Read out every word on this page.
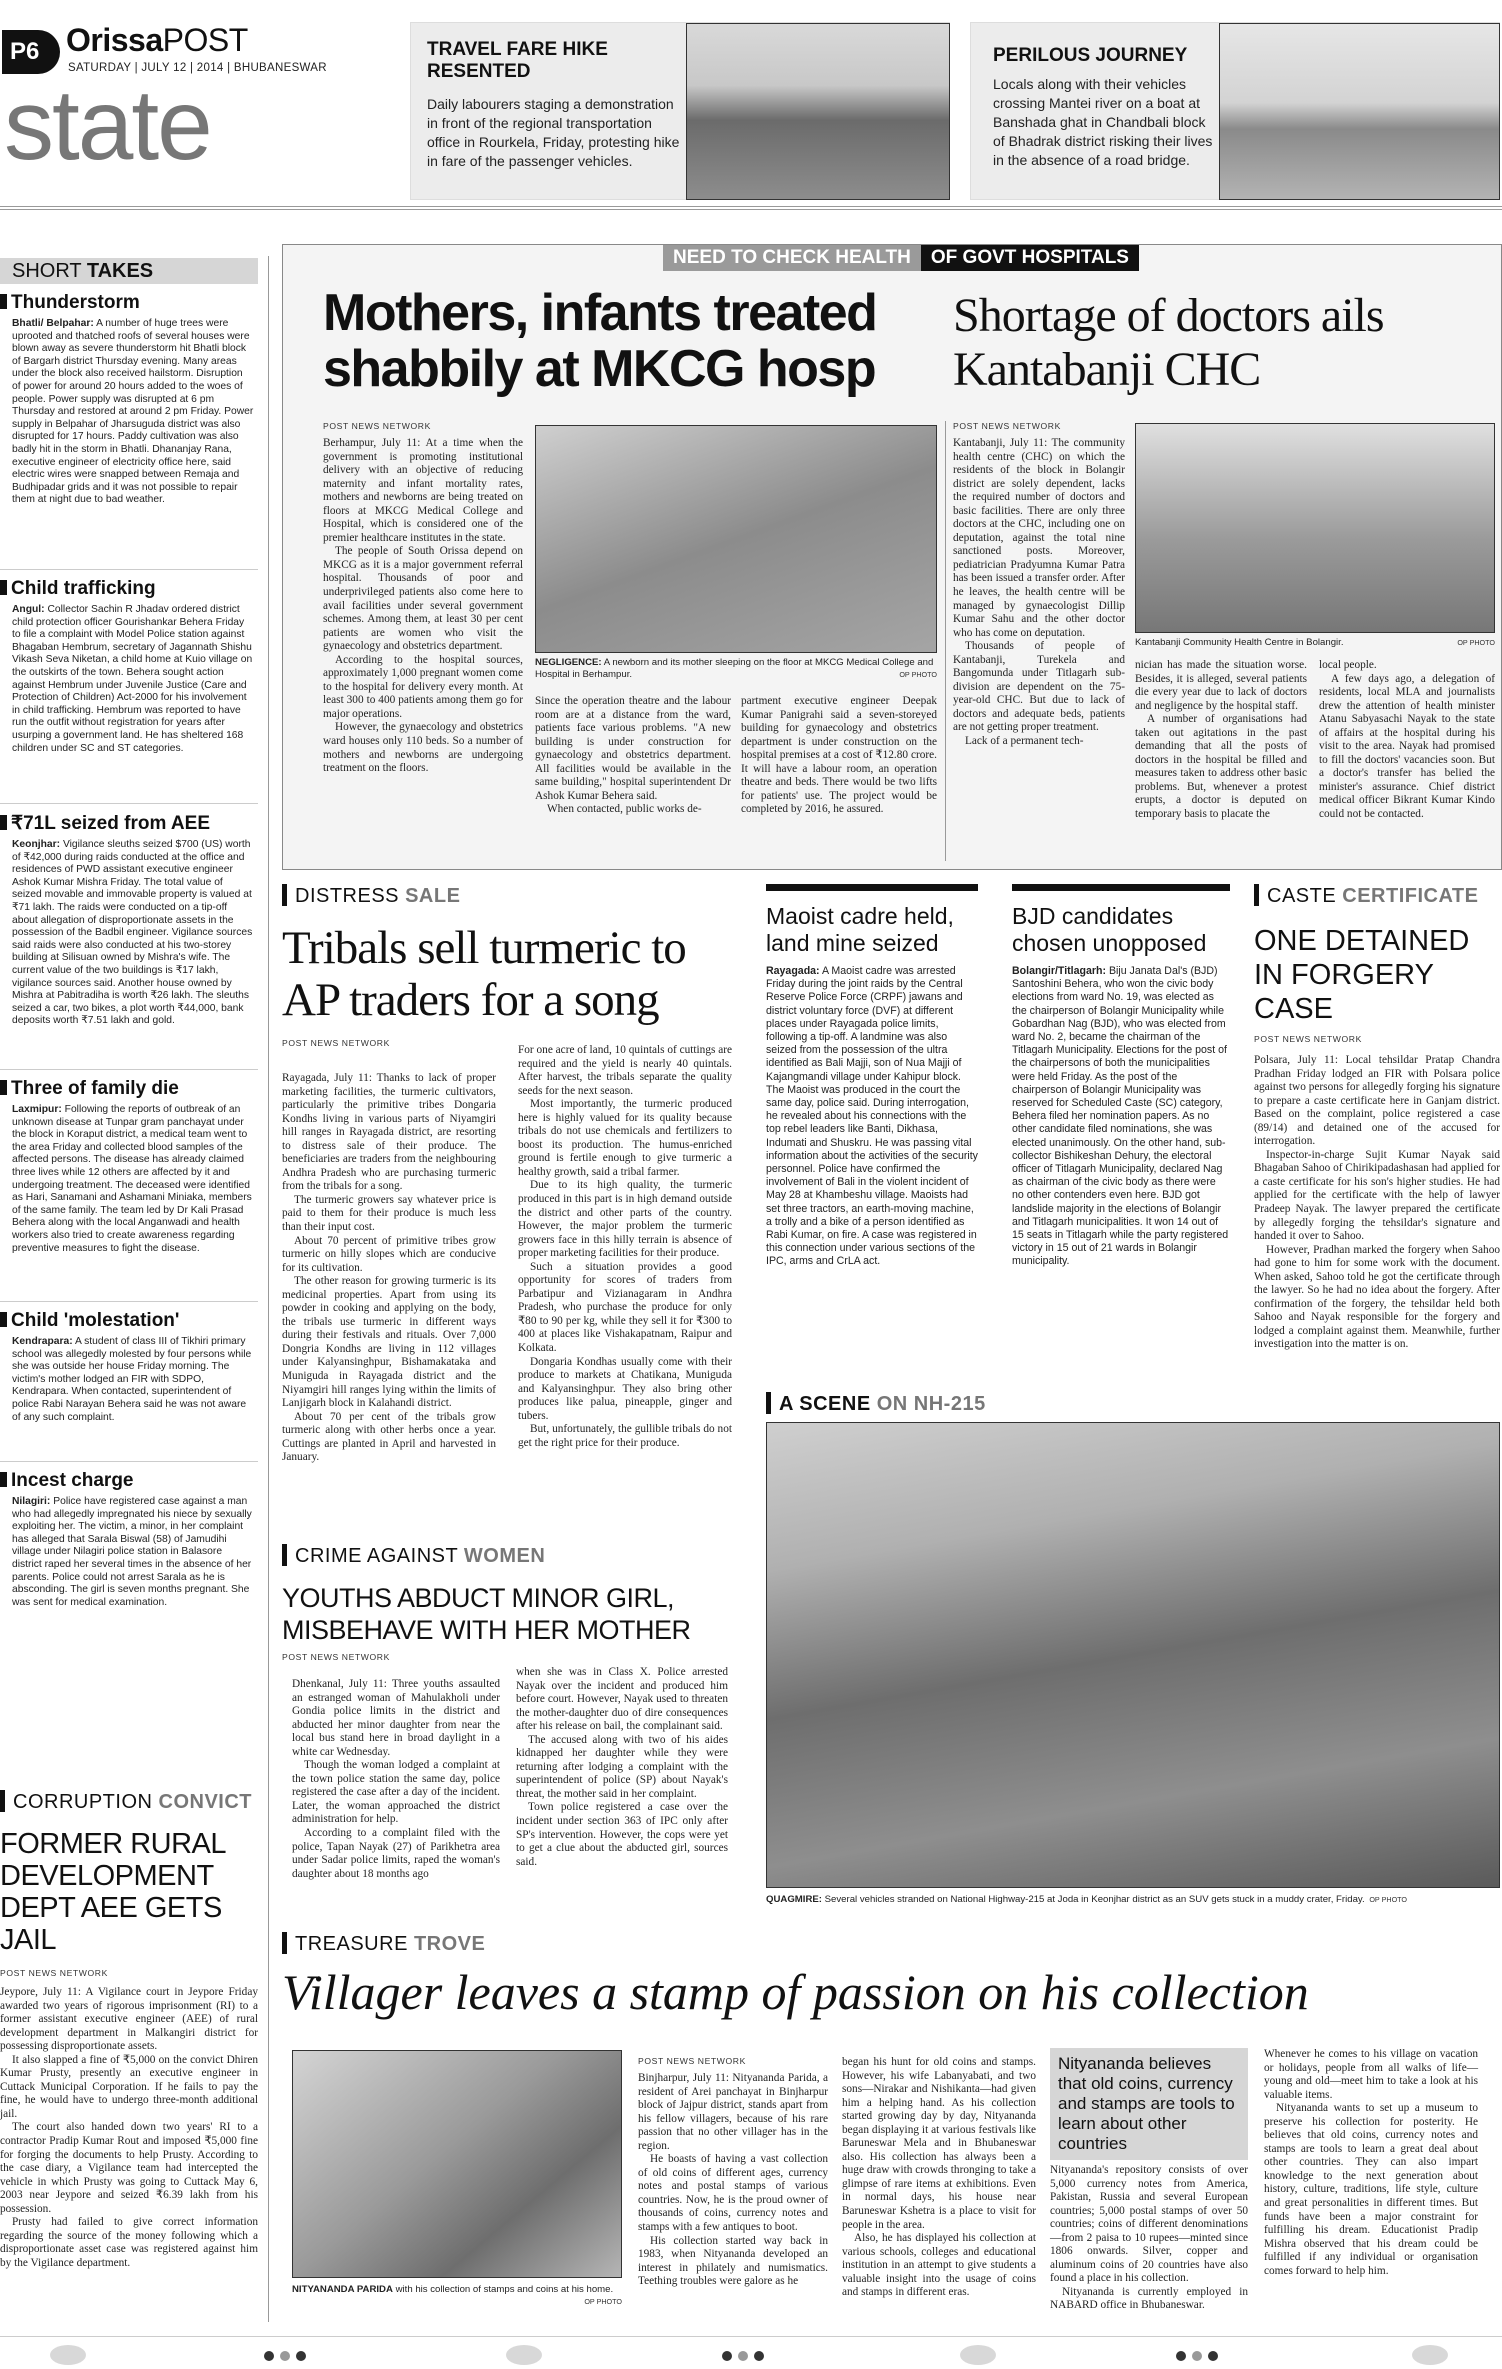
P6 OrissaPOST
SATURDAY | JULY 12 | 2014 | BHUBANESWAR
state
TRAVEL FARE HIKE RESENTED
Daily labourers staging a demonstration in front of the regional transportation office in Rourkela, Friday, protesting hike in fare of the passenger vehicles.
PERILOUS JOURNEY
Locals along with their vehicles crossing Mantei river on a boat at Banshada ghat in Chandbali block of Bhadrak district risking their lives in the absence of a road bridge.
SHORT TAKES
Thunderstorm
Bhatli/ Belpahar: A number of huge trees were uprooted and thatched roofs of several houses were blown away as severe thunderstorm hit Bhatli block of Bargarh district Thursday evening. Many areas under the block also received hailstorm. Disruption of power for around 20 hours added to the woes of people. Power supply was disrupted at 6 pm Thursday and restored at around 2 pm Friday. Power supply in Belpahar of Jharsuguda district was also disrupted for 17 hours. Paddy cultivation was also badly hit in the storm in Bhatli. Dhananjay Rana, executive engineer of electricity office here, said electric wires were snapped between Remaja and Budhipadar grids and it was not possible to repair them at night due to bad weather.
Child trafficking
Angul: Collector Sachin R Jhadav ordered district child protection officer Gourishankar Behera Friday to file a complaint with Model Police station against Bhagaban Hembrum, secretary of Jagannath Shishu Vikash Seva Niketan, a child home at Kuio village on the outskirts of the town. Behera sought action against Hembrum under Juvenile Justice (Care and Protection of Children) Act-2000 for his involvement in child trafficking. Hembrum was reported to have run the outfit without registration for years after usurping a government land. He has sheltered 168 children under SC and ST categories.
₹71L seized from AEE
Keonjhar: Vigilance sleuths seized $700 (US) worth of ₹42,000 during raids conducted at the office and residences of PWD assistant executive engineer Ashok Kumar Mishra Friday. The total value of seized movable and immovable property is valued at ₹71 lakh. The raids were conducted on a tip-off about allegation of disproportionate assets in the possession of the Badbil engineer. Vigilance sources said raids were also conducted at his two-storey building at Silisuan owned by Mishra's wife. The current value of the two buildings is ₹17 lakh, vigilance sources said. Another house owned by Mishra at Pabitradiha is worth ₹26 lakh. The sleuths seized a car, two bikes, a plot worth ₹44,000, bank deposits worth ₹7.51 lakh and gold.
Three of family die
Laxmipur: Following the reports of outbreak of an unknown disease at Tunpar gram panchayat under the block in Koraput district, a medical team went to the area Friday and collected blood samples of the affected persons. The disease has already claimed three lives while 12 others are affected by it and undergoing treatment. The deceased were identified as Hari, Sanamani and Ashamani Miniaka, members of the same family. The team led by Dr Kali Prasad Behera along with the local Anganwadi and health workers also tried to create awareness regarding preventive measures to fight the disease.
Child 'molestation'
Kendrapara: A student of class III of Tikhiri primary school was allegedly molested by four persons while she was outside her house Friday morning. The victim's mother lodged an FIR with SDPO, Kendrapara. When contacted, superintendent of police Rabi Narayan Behera said he was not aware of any such complaint.
Incest charge
Nilagiri: Police have registered case against a man who had allegedly impregnated his niece by sexually exploiting her. The victim, a minor, in her complaint has alleged that Sarala Biswal (58) of Jamudihi village under Nilagiri police station in Balasore district raped her several times in the absence of her parents. Police could not arrest Sarala as he is absconding. The girl is seven months pregnant. She was sent for medical examination.
CORRUPTION CONVICT
FORMER RURAL DEVELOPMENT DEPT AEE GETS JAIL
POST NEWS NETWORK

Jeypore, July 11: A Vigilance court in Jeypore Friday awarded two years of rigorous imprisonment (RI) to a former assistant executive engineer (AEE) of rural development department in Malkangiri district for possessing disproportionate assets.

It also slapped a fine of ₹5,000 on the convict Dhiren Kumar Prusty, presently an executive engineer in Cuttack Municipal Corporation. If he fails to pay the fine, he would have to undergo three-month additional jail.

The court also handed down two years' RI to a contractor Pradip Kumar Rout and imposed ₹5,000 fine for forging the documents to help Prusty. According to the case diary, a Vigilance team had intercepted the vehicle in which Prusty was going to Cuttack May 6, 2003 near Jeypore and seized ₹6.39 lakh from his possession.

Prusty had failed to give correct information regarding the source of the money following which a disproportionate asset case was registered against him by the Vigilance department.

NEED TO CHECK HEALTH OF GOVT HOSPITALS
Mothers, infants treated shabbily at MKCG hosp
POST NEWS NETWORK

Berhampur, July 11: At a time when the government is promoting institutional delivery with an objective of reducing maternity and infant mortality rates, mothers and newborns are being treated on floors at MKCG Medical College and Hospital, which is considered one of the premier healthcare institutes in the state.

The people of South Orissa depend on MKCG as it is a major government referral hospital. Thousands of poor and underprivileged patients also come here to avail facilities under several government schemes. Among them, at least 30 per cent patients are women who visit the gynaecology and obstetrics department.

According to the hospital sources, approximately 1,000 pregnant women come to the hospital for delivery every month. At least 300 to 400 patients among them go for major operations.

However, the gynaecology and obstetrics ward houses only 110 beds. So a number of mothers and newborns are undergoing treatment on the floors.

NEGLIGENCE: A newborn and its mother sleeping on the floor at MKCG Medical College and Hospital in Berhampur.	OP PHOTO

Since the operation theatre and the labour room are at a distance from the ward, patients face various problems. "A new building is under construction for gynaecology and obstetrics department. All facilities would be available in the same building," hospital superintendent Dr Ashok Kumar Behera said.

When contacted, public works de-

partment executive engineer Deepak Kumar Panigrahi said a seven-storeyed building for gynaecology and obstetrics department is under construction on the hospital premises at a cost of ₹12.80 crore. It will have a labour room, an operation theatre and beds. There would be two lifts for patients' use. The project would be completed by 2016, he assured.

Shortage of doctors ails Kantabanji CHC
POST NEWS NETWORK

Kantabanji, July 11: The community health centre (CHC) on which the residents of the block in Bolangir district are solely dependent, lacks the required number of doctors and basic facilities. There are only three doctors at the CHC, including one on deputation, against the total nine sanctioned posts. Moreover, pediatrician Pradyumna Kumar Patra has been issued a transfer order. After he leaves, the health centre will be managed by gynaecologist Dillip Kumar Sahu and the other doctor who has come on deputation.

Thousands of people of Kantabanji, Turekela and Bangomunda under Titlagarh sub-division are dependent on the 75-year-old CHC. But due to lack of doctors and adequate beds, patients are not getting proper treatment.

Lack of a permanent tech-

Kantabanji Community Health Centre in Bolangir.	OP PHOTO

nician has made the situation worse. Besides, it is alleged, several patients die every year due to lack of doctors and negligence by the hospital staff.

A number of organisations had taken out agitations in the past demanding that all the posts of doctors in the hospital be filled and measures taken to address other basic problems. But, whenever a protest erupts, a doctor is deputed on temporary basis to placate the

local people.

A few days ago, a delegation of residents, local MLA and journalists drew the attention of health minister Atanu Sabyasachi Nayak to the state of affairs at the hospital during his visit to the area. Nayak had promised to fill the doctors' vacancies soon. But a doctor's transfer has belied the minister's assurance. Chief district medical officer Bikrant Kumar Kindo could not be contacted.

DISTRESS SALE
Tribals sell turmeric to AP traders for a song
POST NEWS NETWORK

Rayagada, July 11: Thanks to lack of proper marketing facilities, the turmeric cultivators, particularly the primitive tribes Dongaria Kondhs living in various parts of Niyamgiri hill ranges in Rayagada district, are resorting to distress sale of their produce. The beneficiaries are traders from the neighbouring Andhra Pradesh who are purchasing turmeric from the tribals for a song.

The turmeric growers say whatever price is paid to them for their produce is much less than their input cost.

About 70 percent of primitive tribes grow turmeric on hilly slopes which are conducive for its cultivation.

The other reason for growing turmeric is its medicinal properties. Apart from using its powder in cooking and applying on the body, the tribals use turmeric in different ways during their festivals and rituals. Over 7,000 Dongria Kondhs are living in 112 villages under Kalyansinghpur, Bishamakataka and Muniguda in Rayagada district and the Niyamgiri hill ranges lying within the limits of Lanjigarh block in Kalahandi district.

About 70 per cent of the tribals grow turmeric along with other herbs once a year. Cuttings are planted in April and harvested in January.

For one acre of land, 10 quintals of cuttings are required and the yield is nearly 40 quintals. After harvest, the tribals separate the quality seeds for the next season.

Most importantly, the turmeric produced here is highly valued for its quality because tribals do not use chemicals and fertilizers to boost its production. The humus-enriched ground is fertile enough to give turmeric a healthy growth, said a tribal farmer.

Due to its high quality, the turmeric produced in this part is in high demand outside the district and other parts of the country. However, the major problem the turmeric growers face in this hilly terrain is absence of proper marketing facilities for their produce.

Such a situation provides a good opportunity for scores of traders from Parbatipur and Vizianagaram in Andhra Pradesh, who purchase the produce for only ₹80 to 90 per kg, while they sell it for ₹300 to 400 at places like Vishakapatnam, Raipur and Kolkata.

Dongaria Kondhas usually come with their produce to markets at Chatikana, Muniguda and Kalyansinghpur. They also bring other produces like palua, pineapple, ginger and tubers.

But, unfortunately, the gullible tribals do not get the right price for their produce.

Maoist cadre held, land mine seized
Rayagada: A Maoist cadre was arrested Friday during the joint raids by the Central Reserve Police Force (CRPF) jawans and district voluntary force (DVF) at different places under Rayagada police limits, following a tip-off. A landmine was also seized from the possession of the ultra identified as Bali Majji, son of Nua Majji of Kajangmandi village under Kahipur block. The Maoist was produced in the court the same day, police said. During interrogation, he revealed about his connections with the top rebel leaders like Banti, Dikhasa, Indumati and Shuskru. He was passing vital information about the activities of the security personnel. Police have confirmed the involvement of Bali in the violent incident of May 28 at Khambeshu village. Maoists had set three tractors, an earth-moving machine, a trolly and a bike of a person identified as Rabi Kumar, on fire. A case was registered in this connection under various sections of the IPC, arms and CrLA act.
BJD candidates chosen unopposed
Bolangir/Titlagarh: Biju Janata Dal's (BJD) Santoshini Behera, who won the civic body elections from ward No. 19, was elected as the chairperson of Bolangir Municipality while Gobardhan Nag (BJD), who was elected from ward No. 2, became the chairman of the Titlagarh Municipality. Elections for the post of the chairpersons of both the municipalities were held Friday. As the post of the chairperson of Bolangir Municipality was reserved for Scheduled Caste (SC) category, Behera filed her nomination papers. As no other candidate filed nominations, she was elected unanimously. On the other hand, sub-collector Bishikeshan Dehury, the electoral officer of Titlagarh Municipality, declared Nag as chairman of the civic body as there were no other contenders even here. BJD got landslide majority in the elections of Bolangir and Titlagarh municipalities. It won 14 out of 15 seats in Titlagarh while the party registered victory in 15 out of 21 wards in Bolangir municipality.
CASTE CERTIFICATE
ONE DETAINED IN FORGERY CASE
POST NEWS NETWORK

Polsara, July 11: Local tehsildar Pratap Chandra Pradhan Friday lodged an FIR with Polsara police against two persons for allegedly forging his signature to prepare a caste certificate here in Ganjam district. Based on the complaint, police registered a case (89/14) and detained one of the accused for interrogation.

Inspector-in-charge Sujit Kumar Nayak said Bhagaban Sahoo of Chirikipadashasan had applied for a caste certificate for his son's higher studies. He had applied for the certificate with the help of lawyer Pradeep Nayak. The lawyer prepared the certificate by allegedly forging the tehsildar's signature and handed it over to Sahoo.

However, Pradhan marked the forgery when Sahoo had gone to him for some work with the document. When asked, Sahoo told he got the certificate through the lawyer. So he had no idea about the forgery. After confirmation of the forgery, the tehsildar held both Sahoo and Nayak responsible for the forgery and lodged a complaint against them. Meanwhile, further investigation into the matter is on.

A SCENE ON NH-215
QUAGMIRE: Several vehicles stranded on National Highway-215 at Joda in Keonjhar district as an SUV gets stuck in a muddy crater, Friday. OP PHOTO
CRIME AGAINST WOMEN
YOUTHS ABDUCT MINOR GIRL, MISBEHAVE WITH HER MOTHER
POST NEWS NETWORK

Dhenkanal, July 11: Three youths assaulted an estranged woman of Mahulakholi under Gondia police limits in the district and abducted her minor daughter from near the local bus stand here in broad daylight in a white car Wednesday.

Though the woman lodged a complaint at the town police station the same day, police registered the case after a day of the incident. Later, the woman approached the district administration for help.

According to a complaint filed with the police, Tapan Nayak (27) of Parikhetra area under Sadar police limits, raped the woman's daughter about 18 months ago

when she was in Class X. Police arrested Nayak over the incident and produced him before court. However, Nayak used to threaten the mother-daughter duo of dire consequences after his release on bail, the complainant said.

The accused along with two of his aides kidnapped her daughter while they were returning after lodging a complaint with the superintendent of police (SP) about Nayak's threat, the mother said in her complaint.

Town police registered a case over the incident under section 363 of IPC only after SP's intervention. However, the cops were yet to get a clue about the abducted girl, sources said.

TREASURE TROVE
Villager leaves a stamp of passion on his collection
NITYANANDA PARIDA with his collection of stamps and coins at his home.
OP PHOTO
POST NEWS NETWORK

Binjharpur, July 11: Nityananda Parida, a resident of Arei panchayat in Binjharpur block of Jajpur district, stands apart from his fellow villagers, because of his rare passion that no other villager has in the region.

He boasts of having a vast collection of old coins of different ages, currency notes and postal stamps of various countries. Now, he is the proud owner of thousands of coins, currency notes and stamps with a few antiques to boot.

His collection started way back in 1983, when Nityananda developed an interest in philately and numismatics. Teething troubles were galore as he

began his hunt for old coins and stamps. However, his wife Labanyabati, and two sons—Nirakar and Nishikanta—had given him a helping hand. As his collection started growing day by day, Nityananda began displaying it at various festivals like Baruneswar Mela and in Bhubaneswar also. His collection has always been a huge draw with crowds thronging to take a glimpse of rare items at exhibitions. Even in normal days, his house near Baruneswar Kshetra is a place to visit for people in the area.

Also, he has displayed his collection at various schools, colleges and educational institution in an attempt to give students a valuable insight into the usage of coins and stamps in different eras.

Nityananda believes that old coins, currency and stamps are tools to learn about other countries

Nityananda's repository consists of over 5,000 currency notes from America, Pakistan, Russia and several European countries; 5,000 postal stamps of over 50 countries; coins of different denominations—from 2 paisa to 10 rupees—minted since 1806 onwards. Silver, copper and aluminum coins of 20 countries have also found a place in his collection.

Nityananda is currently employed in NABARD office in Bhubaneswar.

Whenever he comes to his village on vacation or holidays, people from all walks of life—young and old—meet him to take a look at his valuable items.

Nityananda wants to set up a museum to preserve his collection for posterity. He believes that old coins, currency notes and stamps are tools to learn a great deal about other countries. They can also impart knowledge to the next generation about history, culture, traditions, life style, culture and great personalities in different times. But funds have been a major constraint for fulfilling his dream. Educationist Pradip Mishra observed that his dream could be fulfilled if any individual or organisation comes forward to help him.
